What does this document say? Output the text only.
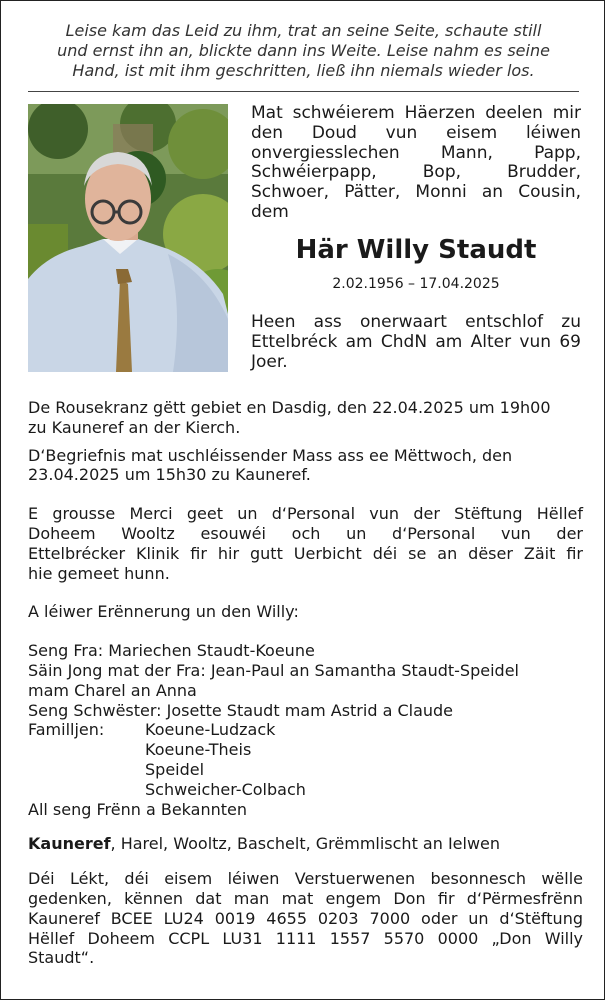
Leise kam das Leid zu ihm, trat an seine Seite, schaute still
und ernst ihn an, blickte dann ins Weite. Leise nahm es seine
Hand, ist mit ihm geschritten, ließ ihn niemals wieder los.
Mat schwéierem Häerzen deelen mir
den Doud vun eisem léiwen
onvergiesslechen Mann, Papp,
Schwéierpapp, Bop, Brudder,
Schwoer, Pätter, Monni an Cousin,
dem
Här Willy Staudt
2.02.1956 – 17.04.2025
Heen ass onerwaart entschlof zu
Ettelbréck am ChdN am Alter vun 69
Joer.
De Rousekranz gëtt gebiet en Dasdig, den 22.04.2025 um 19h00
zu Kauneref an der Kierch.
D‘Begriefnis mat uschléissender Mass ass ee Mëttwoch, den
23.04.2025 um 15h30 zu Kauneref.
E grousse Merci geet un d‘Personal vun der Stëftung Hëllef
Doheem Wooltz esouwéi och un d‘Personal vun der
Ettelbrécker Klinik fir hir gutt Uerbicht déi se an dëser Zäit fir
hie gemeet hunn.
A léiwer Erënnerung un den Willy:
Seng Fra: Mariechen Staudt-Koeune
Säin Jong mat der Fra: Jean-Paul an Samantha Staudt-Speidel
mam Charel an Anna
Seng Schwëster: Josette Staudt mam Astrid a Claude
Familljen:	Koeune-Ludzack
Koeune-Theis
Speidel
Schweicher-Colbach
All seng Frënn a Bekannten
Kauneref, Harel, Wooltz, Baschelt, Grëmmlischt an Ielwen
Déi Lékt, déi eisem léiwen Verstuerwenen besonnesch wëlle
gedenken, kënnen dat man mat engem Don fir d‘Përmesfrënn
Kauneref BCEE LU24 0019 4655 0203 7000 oder un d‘Stëftung
Hëllef Doheem CCPL LU31 1111 1557 5570 0000 „Don Willy
Staudt“.
